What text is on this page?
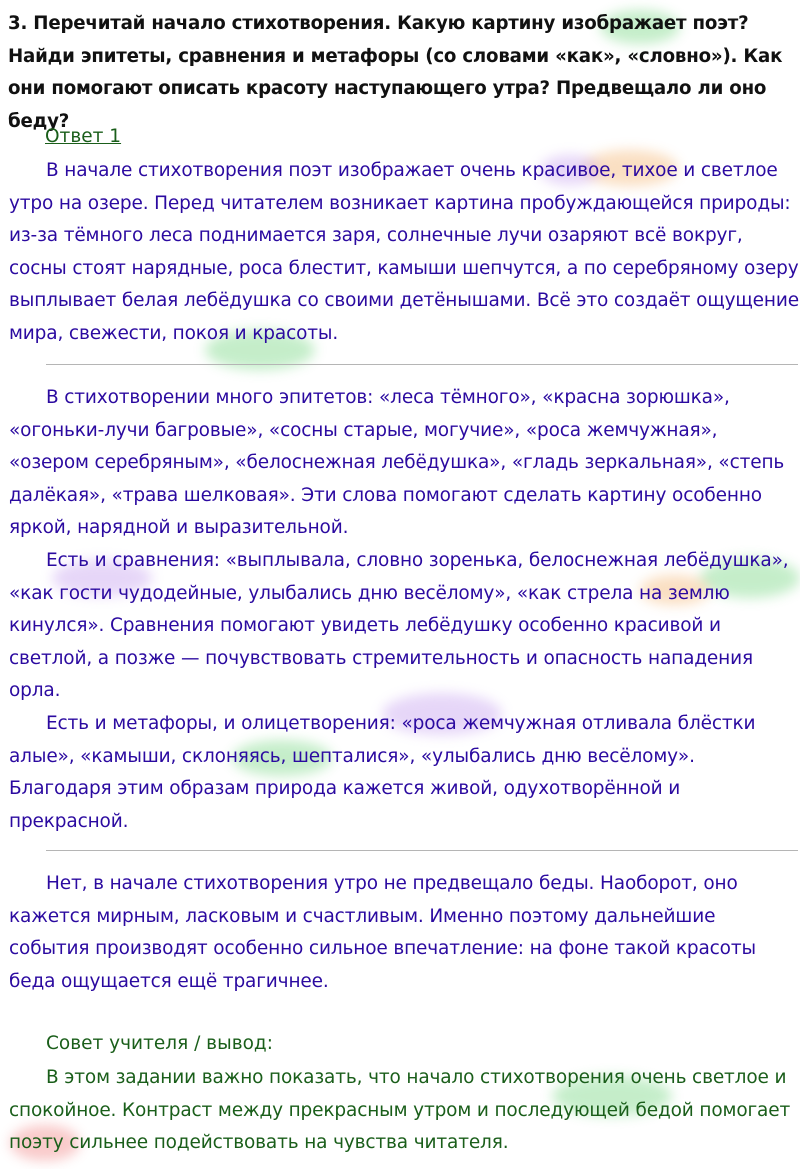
3. Перечитай начало стихотворения. Какую картину изображает поэт? Найди эпитеты, сравнения и метафоры (со словами «как», «словно»). Как они помогают описать красоту наступающего утра? Предвещало ли оно беду?
Ответ 1
В начале стихотворения поэт изображает очень красивое, тихое и светлое утро на озере. Перед читателем возникает картина пробуждающейся природы: из-за тёмного леса поднимается заря, солнечные лучи озаряют всё вокруг, сосны стоят нарядные, роса блестит, камыши шепчутся, а по серебряному озеру выплывает белая лебёдушка со своими детёнышами. Всё это создаёт ощущение мира, свежести, покоя и красоты.
В стихотворении много эпитетов: «леса тёмного», «красна зорюшка», «огоньки-лучи багровые», «сосны старые, могучие», «роса жемчужная», «озером серебряным», «белоснежная лебёдушка», «гладь зеркальная», «степь далёкая», «трава шелковая». Эти слова помогают сделать картину особенно яркой, нарядной и выразительной.
Есть и сравнения: «выплывала, словно зоренька, белоснежная лебёдушка», «как гости чудодейные, улыбались дню весёлому», «как стрела на землю кинулся». Сравнения помогают увидеть лебёдушку особенно красивой и светлой, а позже — почувствовать стремительность и опасность нападения орла.
Есть и метафоры, и олицетворения: «роса жемчужная отливала блёстки алые», «камыши, склоняясь, шепталися», «улыбались дню весёлому». Благодаря этим образам природа кажется живой, одухотворённой и прекрасной.
Нет, в начале стихотворения утро не предвещало беды. Наоборот, оно кажется мирным, ласковым и счастливым. Именно поэтому дальнейшие события производят особенно сильное впечатление: на фоне такой красоты беда ощущается ещё трагичнее.
Совет учителя / вывод:
В этом задании важно показать, что начало стихотворения очень светлое и спокойное. Контраст между прекрасным утром и последующей бедой помогает поэту сильнее подействовать на чувства читателя.
